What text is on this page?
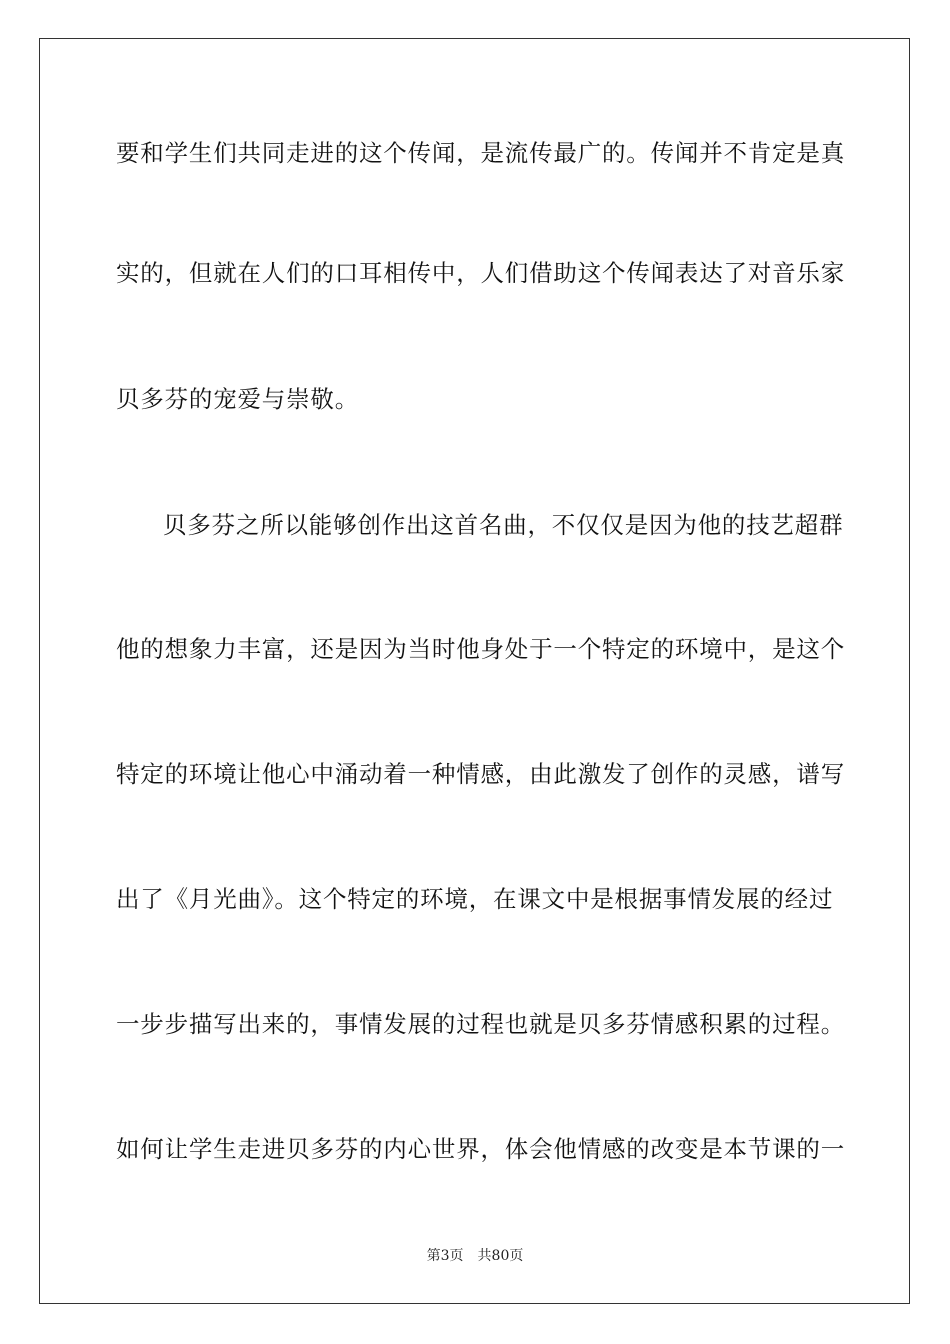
要和学生们共同走进的这个传闻，是流传最广的。传闻并不肯定是真
实的，但就在人们的口耳相传中，人们借助这个传闻表达了对音乐家
贝多芬的宠爱与崇敬。
贝多芬之所以能够创作出这首名曲，不仅仅是因为他的技艺超群
他的想象力丰富，还是因为当时他身处于一个特定的环境中，是这个
特定的环境让他心中涌动着一种情感，由此激发了创作的灵感，谱写
出了《月光曲》。这个特定的环境，在课文中是根据事情发展的经过
一步步描写出来的，事情发展的过程也就是贝多芬情感积累的过程。
如何让学生走进贝多芬的内心世界，体会他情感的改变是本节课的一
第3页 共80页
